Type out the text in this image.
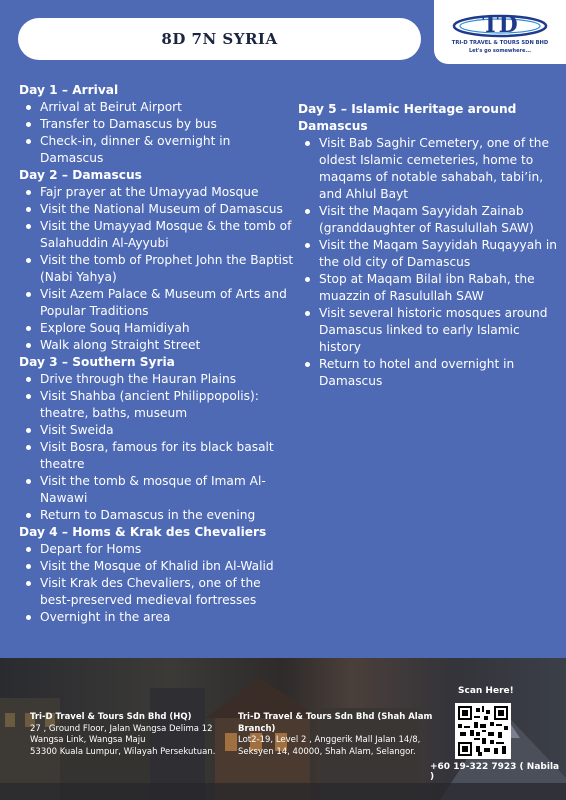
8D 7N SYRIA
TD
TRI-D TRAVEL & TOURS SDN BHD
Let's go somewhere...
Day 1 – Arrival
Arrival at Beirut Airport
Transfer to Damascus by bus
Check-in, dinner & overnight in Damascus
Day 2 – Damascus
Fajr prayer at the Umayyad Mosque
Visit the National Museum of Damascus
Visit the Umayyad Mosque & the tomb of Salahuddin Al-Ayyubi
Visit the tomb of Prophet John the Baptist (Nabi Yahya)
Visit Azem Palace & Museum of Arts and Popular Traditions
Explore Souq Hamidiyah
Walk along Straight Street
Day 3 – Southern Syria
Drive through the Hauran Plains
Visit Shahba (ancient Philippopolis): theatre, baths, museum
Visit Sweida
Visit Bosra, famous for its black basalt theatre
Visit the tomb & mosque of Imam Al-Nawawi
Return to Damascus in the evening
Day 4 – Homs & Krak des Chevaliers
Depart for Homs
Visit the Mosque of Khalid ibn Al-Walid
Visit Krak des Chevaliers, one of the best-preserved medieval fortresses
Overnight in the area
Day 5 – Islamic Heritage around Damascus
Visit Bab Saghir Cemetery, one of the oldest Islamic cemeteries, home to maqams of notable sahabah, tabi’in, and Ahlul Bayt
Visit the Maqam Sayyidah Zainab (granddaughter of Rasulullah SAW)
Visit the Maqam Sayyidah Ruqayyah in the old city of Damascus
Stop at Maqam Bilal ibn Rabah, the muazzin of Rasulullah SAW
Visit several historic mosques around Damascus linked to early Islamic history
Return to hotel and overnight in Damascus
Tri-D Travel & Tours Sdn Bhd (HQ)
27 , Ground Floor, Jalan Wangsa Delima 12
Wangsa Link, Wangsa Maju
53300 Kuala Lumpur, Wilayah Persekutuan.
Tri-D Travel & Tours Sdn Bhd (Shah Alam Branch)
Lot2-19, Level 2 , Anggerik Mall Jalan 14/8,
Seksyen 14, 40000, Shah Alam, Selangor.
Scan Here!
+60 19-322 7923 ( Nabila )
